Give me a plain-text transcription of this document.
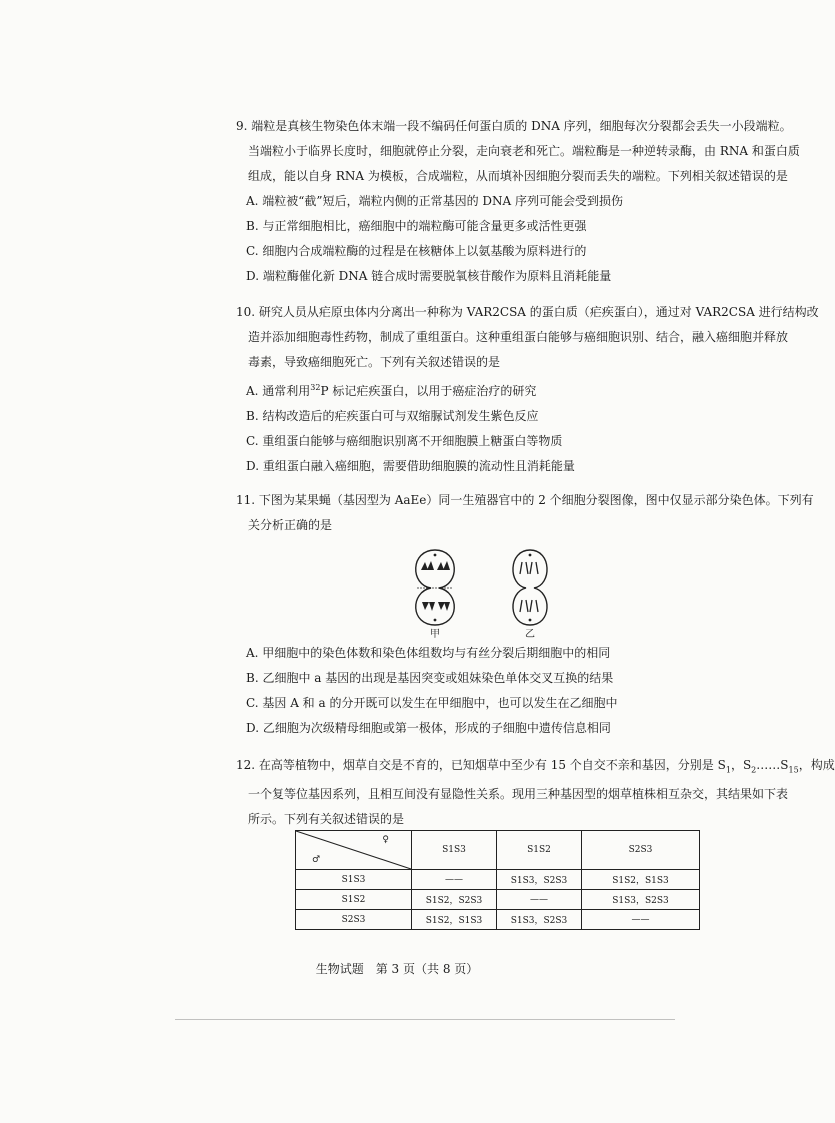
9. 端粒是真核生物染色体末端一段不编码任何蛋白质的 DNA 序列，细胞每次分裂都会丢失一小段端粒。
当端粒小于临界长度时，细胞就停止分裂，走向衰老和死亡。端粒酶是一种逆转录酶，由 RNA 和蛋白质
组成，能以自身 RNA 为模板，合成端粒，从而填补因细胞分裂而丢失的端粒。下列相关叙述错误的是
A. 端粒被“截”短后，端粒内侧的正常基因的 DNA 序列可能会受到损伤
B. 与正常细胞相比，癌细胞中的端粒酶可能含量更多或活性更强
C. 细胞内合成端粒酶的过程是在核糖体上以氨基酸为原料进行的
D. 端粒酶催化新 DNA 链合成时需要脱氧核苷酸作为原料且消耗能量
10. 研究人员从疟原虫体内分离出一种称为 VAR2CSA 的蛋白质（疟疾蛋白），通过对 VAR2CSA 进行结构改
造并添加细胞毒性药物，制成了重组蛋白。这种重组蛋白能够与癌细胞识别、结合，融入癌细胞并释放
毒素，导致癌细胞死亡。下列有关叙述错误的是
A. 通常利用$^{32}$P 标记疟疾蛋白，以用于癌症治疗的研究
B. 结构改造后的疟疾蛋白可与双缩脲试剂发生紫色反应
C. 重组蛋白能够与癌细胞识别离不开细胞膜上糖蛋白等物质
D. 重组蛋白融入癌细胞，需要借助细胞膜的流动性且消耗能量
11. 下图为某果蝇（基因型为 AaEe）同一生殖器官中的 2 个细胞分裂图像，图中仅显示部分染色体。下列有
关分析正确的是
甲	乙
A. 甲细胞中的染色体数和染色体组数均与有丝分裂后期细胞中的相同
B. 乙细胞中 a 基因的出现是基因突变或姐妹染色单体交叉互换的结果
C. 基因 A 和 a 的分开既可以发生在甲细胞中，也可以发生在乙细胞中
D. 乙细胞为次级精母细胞或第一极体，形成的子细胞中遗传信息相同
12. 在高等植物中，烟草自交是不育的，已知烟草中至少有 15 个自交不亲和基因，分别是 $S_1$，$S_2\dots\dots S_{15}$，构成
一个复等位基因系列，且相互间没有显隐性关系。现用三种基因型的烟草植株相互杂交，其结果如下表
所示。下列有关叙述错误的是
♀
♂	S1S3	S1S2	S2S3
S1S3	——	S1S3，S2S3	S1S2，S1S3
S1S2	S1S2，S2S3	——	S1S3，S2S3
S2S3	S1S2，S1S3	S1S3，S2S3	——
生物试题　第 3 页（共 8 页）
